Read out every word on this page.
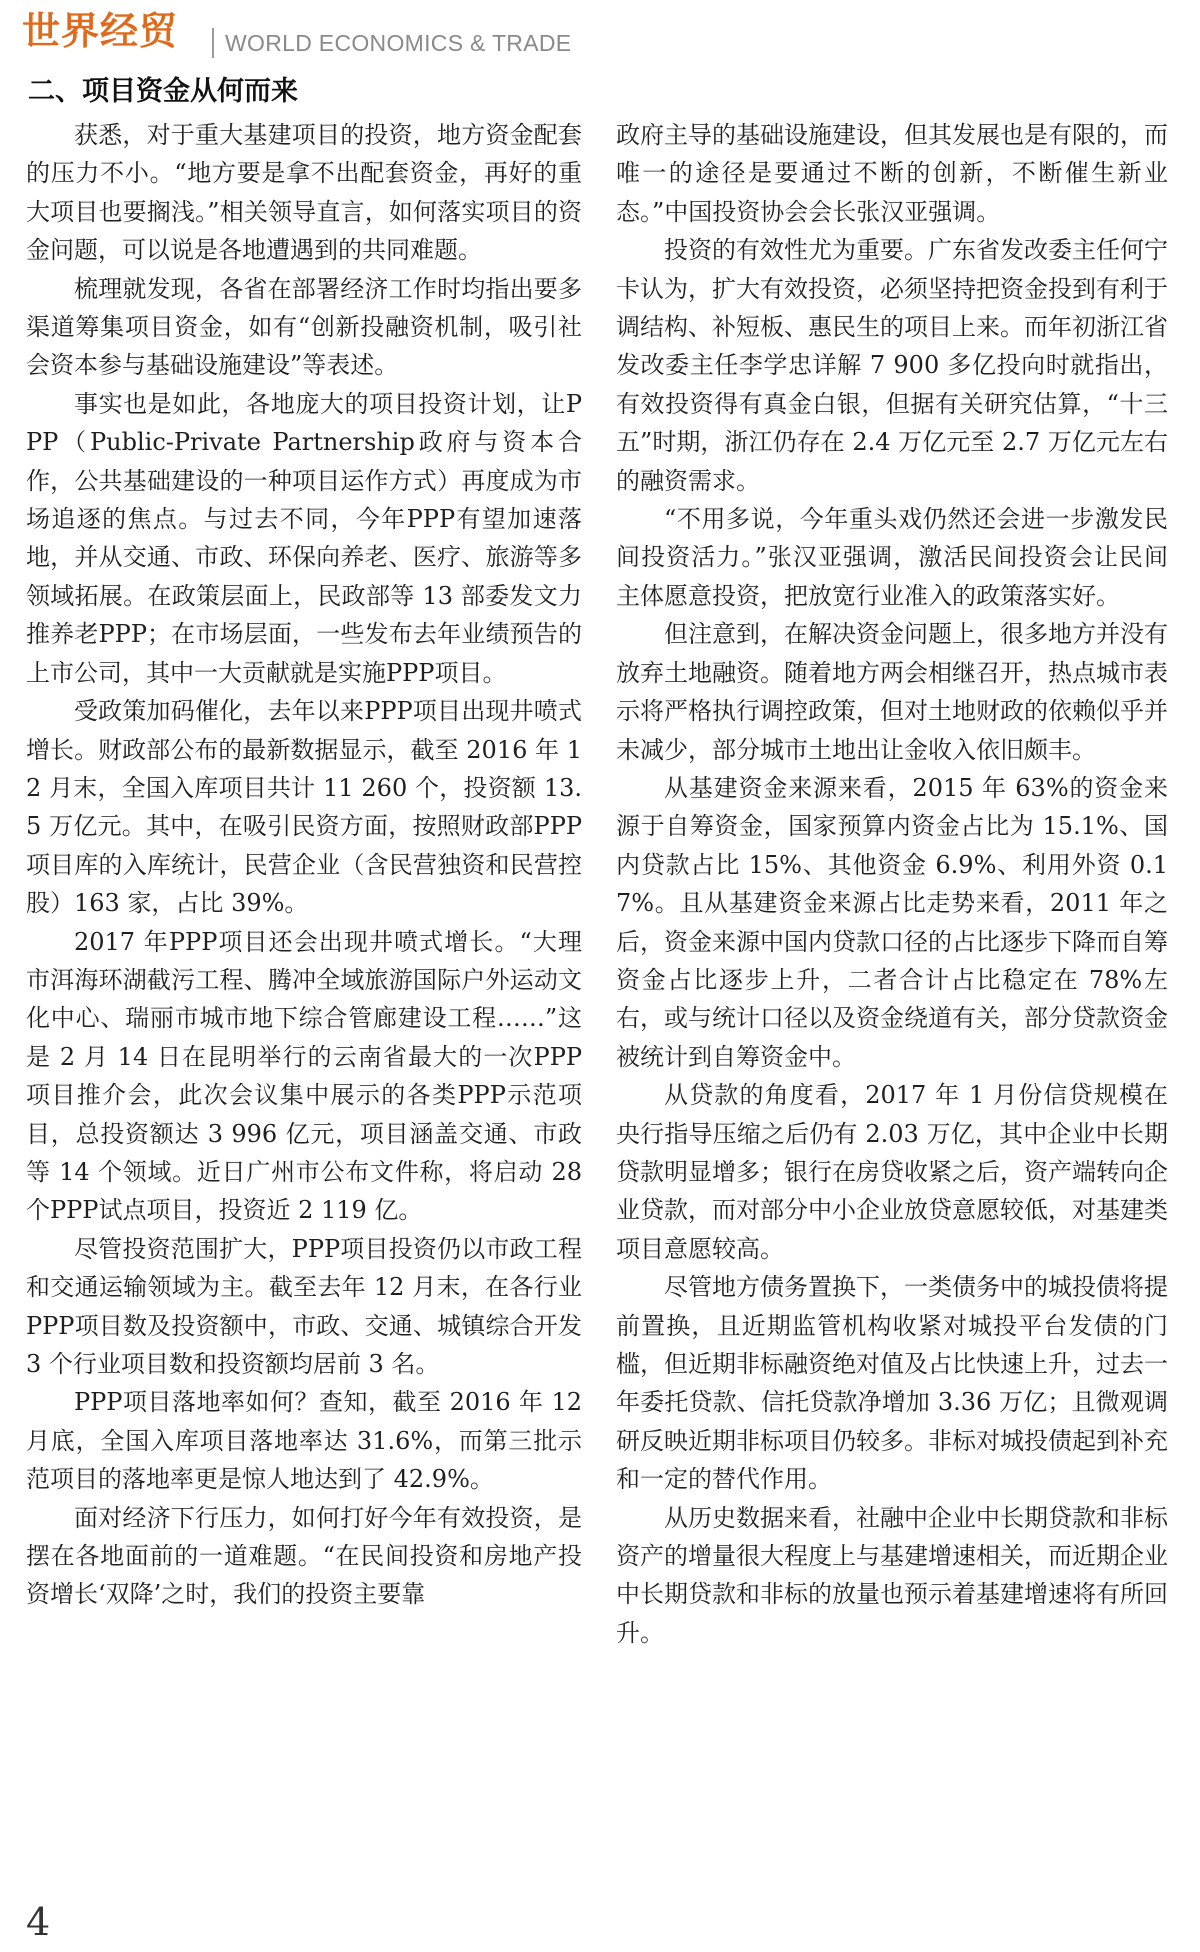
世界经贸 WORLD ECONOMICS & TRADE
二、项目资金从何而来

获悉，对于重大基建项目的投资，地方资金配套的压力不小。“地方要是拿不出配套资金，再好的重大项目也要搁浅。”相关领导直言，如何落实项目的资金问题，可以说是各地遭遇到的共同难题。

梳理就发现，各省在部署经济工作时均指出要多渠道筹集项目资金，如有“创新投融资机制，吸引社会资本参与基础设施建设”等表述。

事实也是如此，各地庞大的项目投资计划，让PPP（Public-Private Partnership政府与资本合作，公共基础建设的一种项目运作方式）再度成为市场追逐的焦点。与过去不同，今年PPP有望加速落地，并从交通、市政、环保向养老、医疗、旅游等多领域拓展。在政策层面上，民政部等 13 部委发文力推养老PPP；在市场层面，一些发布去年业绩预告的上市公司，其中一大贡献就是实施PPP项目。

受政策加码催化，去年以来PPP项目出现井喷式增长。财政部公布的最新数据显示，截至 2016 年 12 月末，全国入库项目共计 11 260 个，投资额 13.5 万亿元。其中，在吸引民资方面，按照财政部PPP项目库的入库统计，民营企业（含民营独资和民营控股）163 家，占比 39%。

2017 年PPP项目还会出现井喷式增长。“大理市洱海环湖截污工程、腾冲全域旅游国际户外运动文化中心、瑞丽市城市地下综合管廊建设工程……”这是 2 月 14 日在昆明举行的云南省最大的一次PPP项目推介会，此次会议集中展示的各类PPP示范项目，总投资额达 3 996 亿元，项目涵盖交通、市政等 14 个领域。近日广州市公布文件称，将启动 28 个PPP试点项目，投资近 2 119 亿。

尽管投资范围扩大，PPP项目投资仍以市政工程和交通运输领域为主。截至去年 12 月末，在各行业PPP项目数及投资额中，市政、交通、城镇综合开发 3 个行业项目数和投资额均居前 3 名。

PPP项目落地率如何？查知，截至 2016 年 12 月底，全国入库项目落地率达 31.6%，而第三批示范项目的落地率更是惊人地达到了 42.9%。

面对经济下行压力，如何打好今年有效投资，是摆在各地面前的一道难题。“在民间投资和房地产投资增长‘双降’之时，我们的投资主要靠

政府主导的基础设施建设，但其发展也是有限的，而唯一的途径是要通过不断的创新，不断催生新业态。”中国投资协会会长张汉亚强调。

投资的有效性尤为重要。广东省发改委主任何宁卡认为，扩大有效投资，必须坚持把资金投到有利于调结构、补短板、惠民生的项目上来。而年初浙江省发改委主任李学忠详解 7 900 多亿投向时就指出，有效投资得有真金白银，但据有关研究估算，“十三五”时期，浙江仍存在 2.4 万亿元至 2.7 万亿元左右的融资需求。

“不用多说，今年重头戏仍然还会进一步激发民间投资活力。”张汉亚强调，激活民间投资会让民间主体愿意投资，把放宽行业准入的政策落实好。

但注意到，在解决资金问题上，很多地方并没有放弃土地融资。随着地方两会相继召开，热点城市表示将严格执行调控政策，但对土地财政的依赖似乎并未减少，部分城市土地出让金收入依旧颇丰。

从基建资金来源来看，2015 年 63%的资金来源于自筹资金，国家预算内资金占比为 15.1%、国内贷款占比 15%、其他资金 6.9%、利用外资 0.17%。且从基建资金来源占比走势来看，2011 年之后，资金来源中国内贷款口径的占比逐步下降而自筹资金占比逐步上升，二者合计占比稳定在 78%左右，或与统计口径以及资金绕道有关，部分贷款资金被统计到自筹资金中。

从贷款的角度看，2017 年 1 月份信贷规模在央行指导压缩之后仍有 2.03 万亿，其中企业中长期贷款明显增多；银行在房贷收紧之后，资产端转向企业贷款，而对部分中小企业放贷意愿较低，对基建类项目意愿较高。

尽管地方债务置换下，一类债务中的城投债将提前置换，且近期监管机构收紧对城投平台发债的门槛，但近期非标融资绝对值及占比快速上升，过去一年委托贷款、信托贷款净增加 3.36 万亿；且微观调研反映近期非标项目仍较多。非标对城投债起到补充和一定的替代作用。

从历史数据来看，社融中企业中长期贷款和非标资产的增量很大程度上与基建增速相关，而近期企业中长期贷款和非标的放量也预示着基建增速将有所回升。

4
